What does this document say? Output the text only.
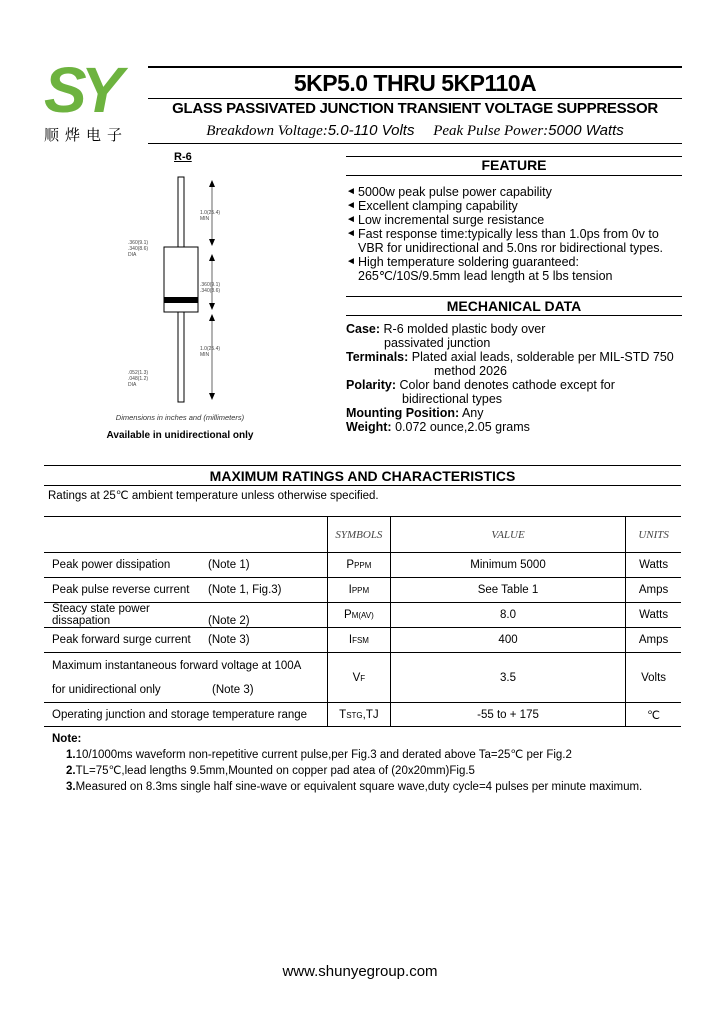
SY
顺烨电子
5KP5.0 THRU 5KP110A
GLASS PASSIVATED JUNCTION TRANSIENT VOLTAGE SUPPRESSOR
Breakdown Voltage:5.0-110 Volts Peak Pulse Power:5000 Watts
R-6
1.0(25.4)
MIN
.360(9.1)
.340(8.6)
DIA
.360(9.1)
.340(8.6)
1.0(25.4)
MIN
.052(1.3)
.048(1.2)
DIA
Dimensions in inches and (millimeters)
Available in unidirectional only
FEATURE
◄ 5000w peak pulse power capability
◄ Excellent clamping capability
◄ Low incremental surge resistance
◄ Fast response time:typically less than 1.0ps from 0v to
VBR for unidirectional and 5.0ns ror bidirectional types.
◄ High temperature soldering guaranteed:
265℃/10S/9.5mm lead length at 5 lbs tension
MECHANICAL DATA
Case: R-6 molded plastic body over
passivated junction
Terminals: Plated axial leads, solderable per MIL-STD 750
method 2026
Polarity: Color band denotes cathode except for
bidirectional types
Mounting Position: Any
Weight: 0.072 ounce,2.05 grams
MAXIMUM RATINGS AND CHARACTERISTICS
Ratings at 25℃ ambient temperature unless otherwise specified.
	SYMBOLS	VALUE	UNITS
Peak power dissipation (Note 1)	PPPM	Minimum 5000	Watts
Peak pulse reverse current (Note 1, Fig.3)	IPPM	See Table 1	Amps
Steacy state power dissapation (Note 2)	PM(AV)	8.0	Watts
Peak forward surge current (Note 3)	IFSM	400	Amps

Maximum instantaneous forward voltage at 100A
for unidirectional only (Note 3)	VF	3.5	Volts
Operating junction and storage temperature range	TSTG,TJ	-55 to + 175	℃
Note:
1.10/1000ms waveform non-repetitive current pulse,per Fig.3 and derated above Ta=25℃ per Fig.2
2.TL=75℃,lead lengths 9.5mm,Mounted on copper pad atea of (20x20mm)Fig.5
3.Measured on 8.3ms single half sine-wave or equivalent square wave,duty cycle=4 pulses per minute maximum.
www.shunyegroup.com
